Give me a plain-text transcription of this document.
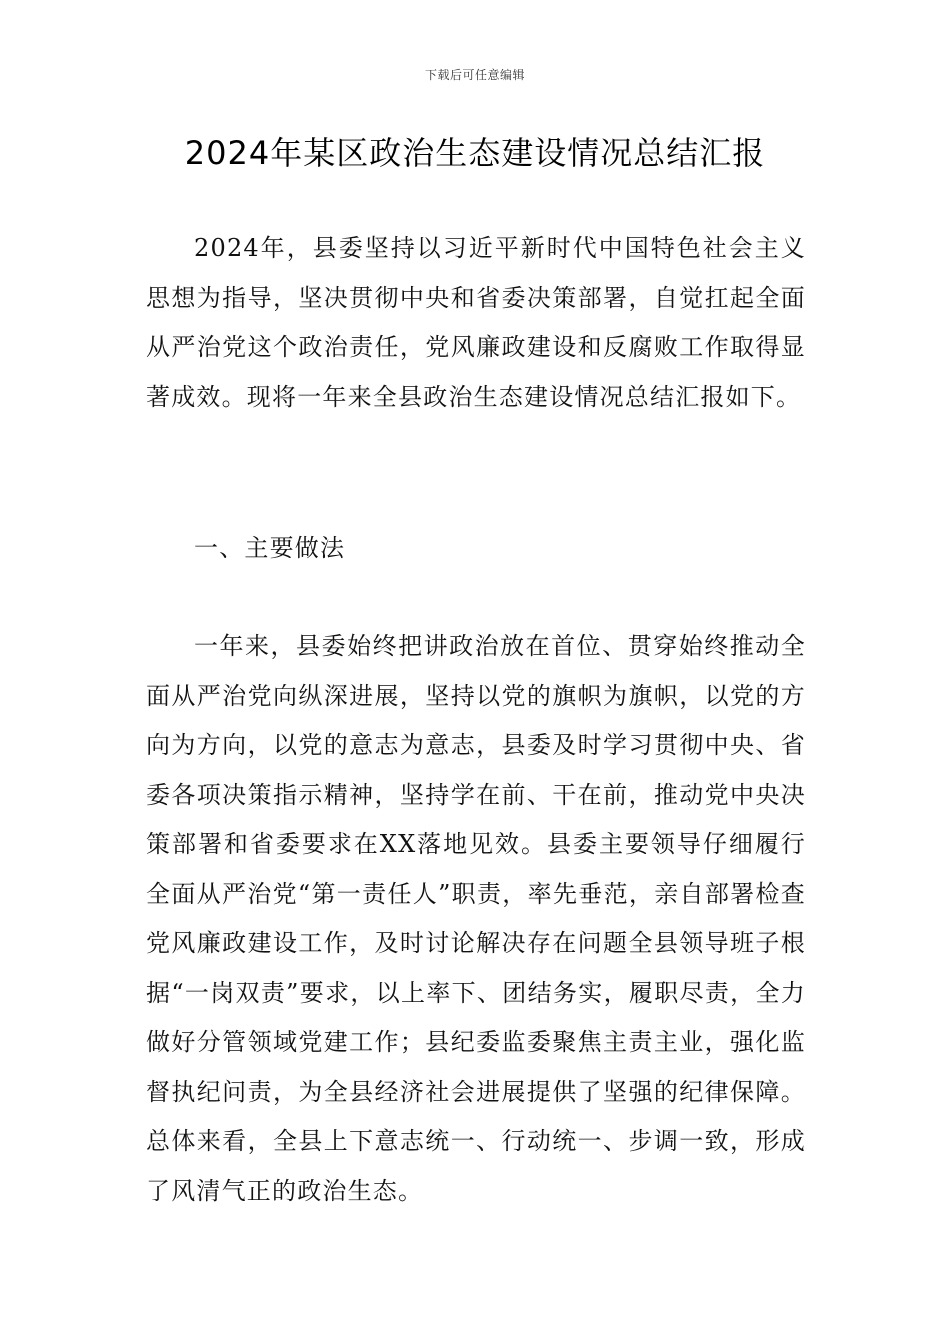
下载后可任意编辑
2024年某区政治生态建设情况总结汇报

2024年，县委坚持以习近平新时代中国特色社会主义思想为指导，坚决贯彻中央和省委决策部署，自觉扛起全面从严治党这个政治责任，党风廉政建设和反腐败工作取得显著成效。现将一年来全县政治生态建设情况总结汇报如下。

一、主要做法

一年来，县委始终把讲政治放在首位、贯穿始终推动全面从严治党向纵深进展，坚持以党的旗帜为旗帜，以党的方向为方向，以党的意志为意志，县委及时学习贯彻中央、省委各项决策指示精神，坚持学在前、干在前，推动党中央决策部署和省委要求在XX落地见效。县委主要领导仔细履行全面从严治党“第一责任人”职责，率先垂范，亲自部署检查党风廉政建设工作，及时讨论解决存在问题全县领导班子根据“一岗双责”要求，以上率下、团结务实，履职尽责，全力做好分管领域党建工作；县纪委监委聚焦主责主业，强化监督执纪问责，为全县经济社会进展提供了坚强的纪律保障。总体来看，全县上下意志统一、行动统一、步调一致，形成了风清气正的政治生态。
